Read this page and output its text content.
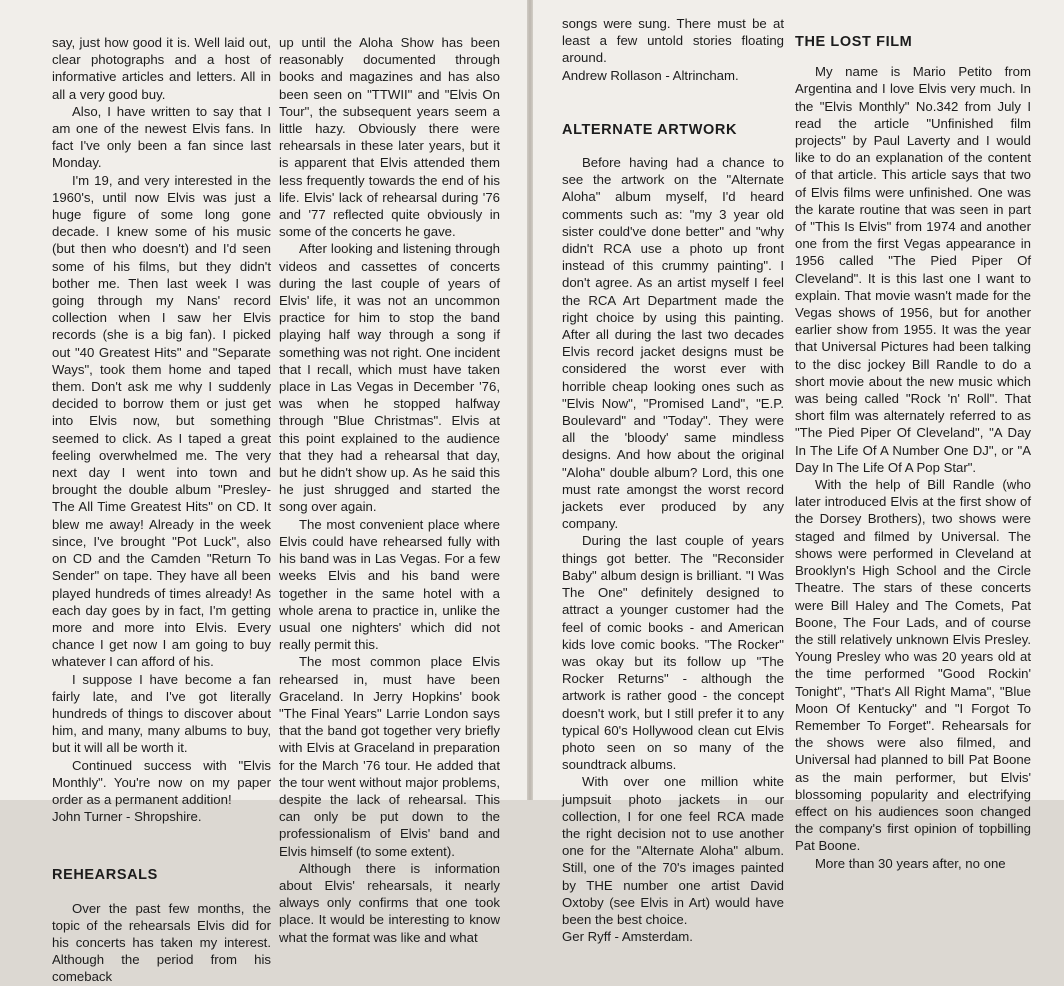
say, just how good it is. Well laid out, clear photographs and a host of informative articles and letters. All in all a very good buy.

Also, I have written to say that I am one of the newest Elvis fans. In fact I've only been a fan since last Monday.

I'm 19, and very interested in the 1960's, until now Elvis was just a huge figure of some long gone decade. I knew some of his music (but then who doesn't) and I'd seen some of his films, but they didn't bother me. Then last week I was going through my Nans' record collection when I saw her Elvis records (she is a big fan). I picked out "40 Greatest Hits" and "Separate Ways", took them home and taped them. Don't ask me why I suddenly decided to borrow them or just get into Elvis now, but something seemed to click. As I taped a great feeling overwhelmed me. The very next day I went into town and brought the double album "Presley-The All Time Greatest Hits" on CD. It blew me away! Already in the week since, I've brought "Pot Luck", also on CD and the Camden "Return To Sender" on tape. They have all been played hundreds of times already! As each day goes by in fact, I'm getting more and more into Elvis. Every chance I get now I am going to buy whatever I can afford of his.

I suppose I have become a fan fairly late, and I've got literally hundreds of things to discover about him, and many, many albums to buy, but it will all be worth it.

Continued success with "Elvis Monthly". You're now on my paper order as a permanent addition!

John Turner - Shropshire.

REHEARSALS

Over the past few months, the topic of the rehearsals Elvis did for his concerts has taken my interest. Although the period from his comeback

up until the Aloha Show has been reasonably documented through books and magazines and has also been seen on "TTWII" and "Elvis On Tour", the subsequent years seem a little hazy. Obviously there were rehearsals in these later years, but it is apparent that Elvis attended them less frequently towards the end of his life. Elvis' lack of rehearsal during '76 and '77 reflected quite obviously in some of the concerts he gave.

After looking and listening through videos and cassettes of concerts during the last couple of years of Elvis' life, it was not an uncommon practice for him to stop the band playing half way through a song if something was not right. One incident that I recall, which must have taken place in Las Vegas in December '76, was when he stopped halfway through "Blue Christmas". Elvis at this point explained to the audience that they had a rehearsal that day, but he didn't show up. As he said this he just shrugged and started the song over again.

The most convenient place where Elvis could have rehearsed fully with his band was in Las Vegas. For a few weeks Elvis and his band were together in the same hotel with a whole arena to practice in, unlike the usual one nighters' which did not really permit this.

The most common place Elvis rehearsed in, must have been Graceland. In Jerry Hopkins' book "The Final Years" Larrie London says that the band got together very briefly with Elvis at Graceland in preparation for the March '76 tour. He added that the tour went without major problems, despite the lack of rehearsal. This can only be put down to the professionalism of Elvis' band and Elvis himself (to some extent).

Although there is information about Elvis' rehearsals, it nearly always only confirms that one took place. It would be interesting to know what the format was like and what

songs were sung. There must be at least a few untold stories floating around.

Andrew Rollason - Altrincham.

ALTERNATE ARTWORK

Before having had a chance to see the artwork on the "Alternate Aloha" album myself, I'd heard comments such as: "my 3 year old sister could've done better" and "why didn't RCA use a photo up front instead of this crummy painting". I don't agree. As an artist myself I feel the RCA Art Department made the right choice by using this painting. After all during the last two decades Elvis record jacket designs must be considered the worst ever with horrible cheap looking ones such as "Elvis Now", "Promised Land", "E.P. Boulevard" and "Today". They were all the 'bloody' same mindless designs. And how about the original "Aloha" double album? Lord, this one must rate amongst the worst record jackets ever produced by any company.

During the last couple of years things got better. The "Reconsider Baby" album design is brilliant. "I Was The One" definitely designed to attract a younger customer had the feel of comic books - and American kids love comic books. "The Rocker" was okay but its follow up "The Rocker Returns" - although the artwork is rather good - the concept doesn't work, but I still prefer it to any typical 60's Hollywood clean cut Elvis photo seen on so many of the soundtrack albums.

With over one million white jumpsuit photo jackets in our collection, I for one feel RCA made the right decision not to use another one for the "Alternate Aloha" album. Still, one of the 70's images painted by THE number one artist David Oxtoby (see Elvis in Art) would have been the best choice.

Ger Ryff - Amsterdam.

THE LOST FILM

My name is Mario Petito from Argentina and I love Elvis very much. In the "Elvis Monthly" No.342 from July I read the article "Unfinished film projects" by Paul Laverty and I would like to do an explanation of the content of that article. This article says that two of Elvis films were unfinished. One was the karate routine that was seen in part of "This Is Elvis" from 1974 and another one from the first Vegas appearance in 1956 called "The Pied Piper Of Cleveland". It is this last one I want to explain. That movie wasn't made for the Vegas shows of 1956, but for another earlier show from 1955. It was the year that Universal Pictures had been talking to the disc jockey Bill Randle to do a short movie about the new music which was being called "Rock 'n' Roll". That short film was alternately referred to as "The Pied Piper Of Cleveland", "A Day In The Life Of A Number One DJ", or "A Day In The Life Of A Pop Star".

With the help of Bill Randle (who later introduced Elvis at the first show of the Dorsey Brothers), two shows were staged and filmed by Universal. The shows were performed in Cleveland at Brooklyn's High School and the Circle Theatre. The stars of these concerts were Bill Haley and The Comets, Pat Boone, The Four Lads, and of course the still relatively unknown Elvis Presley. Young Presley who was 20 years old at the time performed "Good Rockin' Tonight", "That's All Right Mama", "Blue Moon Of Kentucky" and "I Forgot To Remember To Forget". Rehearsals for the shows were also filmed, and Universal had planned to bill Pat Boone as the main performer, but Elvis' blossoming popularity and electrifying effect on his audiences soon changed the company's first opinion of topbilling Pat Boone.

More than 30 years after, no one
